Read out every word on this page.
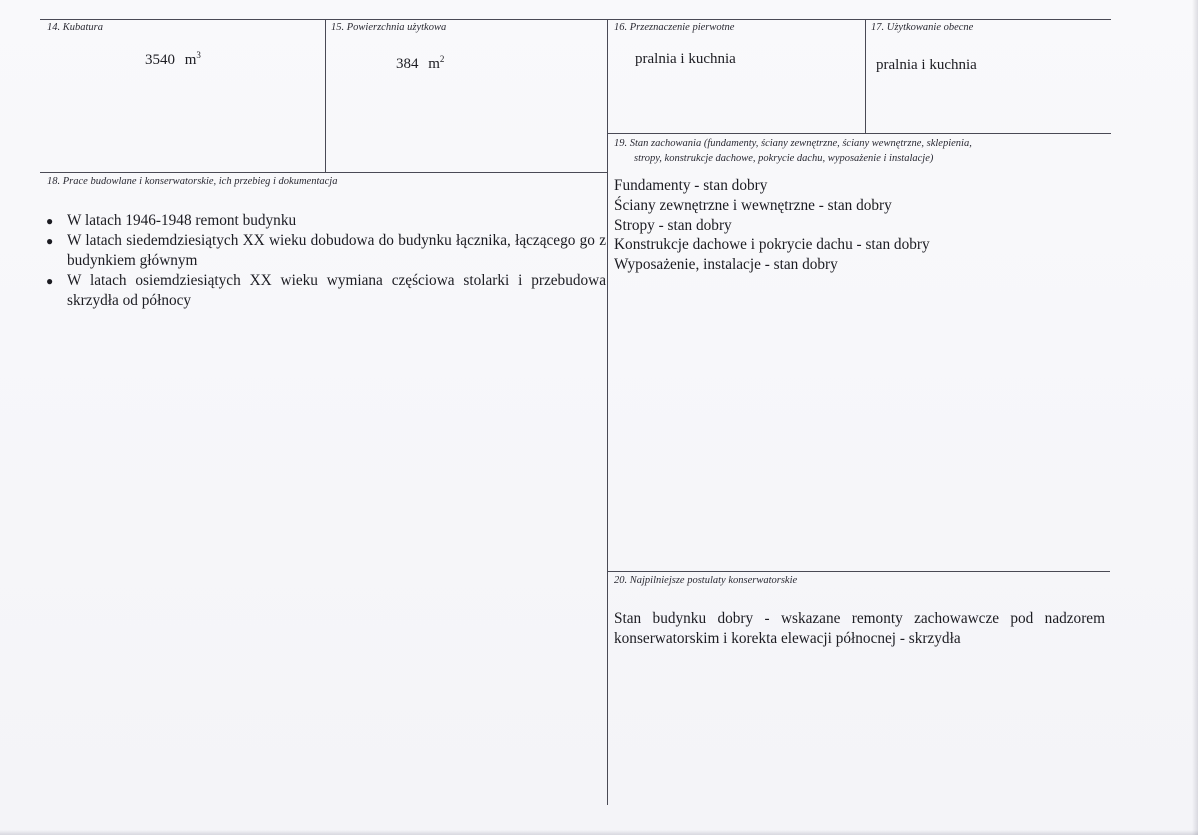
14. Kubatura
3540 $m^3$
15. Powierzchnia użytkowa
384 $m^2$
16. Przeznaczenie pierwotne
pralnia i kuchnia
17. Użytkowanie obecne
pralnia i kuchnia
18. Prace budowlane i konserwatorskie, ich przebieg i dokumentacja
● W latach 1946-1948 remont budynku
● W latach siedemdziesiątych XX wieku dobudowa do budynku łącznika, łączącego go z budynkiem głównym
● W latach osiemdziesiątych XX wieku wymiana częściowa stolarki i przebudowa skrzydła od północy
19. Stan zachowania (fundamenty, ściany zewnętrzne, ściany wewnętrzne, sklepienia,
stropy, konstrukcje dachowe, pokrycie dachu, wyposażenie i instalacje)
Fundamenty - stan dobry
Ściany zewnętrzne i wewnętrzne - stan dobry
Stropy - stan dobry
Konstrukcje dachowe i pokrycie dachu - stan dobry
Wyposażenie, instalacje - stan dobry
20. Najpilniejsze postulaty konserwatorskie
Stan budynku dobry - wskazane remonty zachowawcze pod nadzorem konserwatorskim i korekta elewacji północnej - skrzydła
